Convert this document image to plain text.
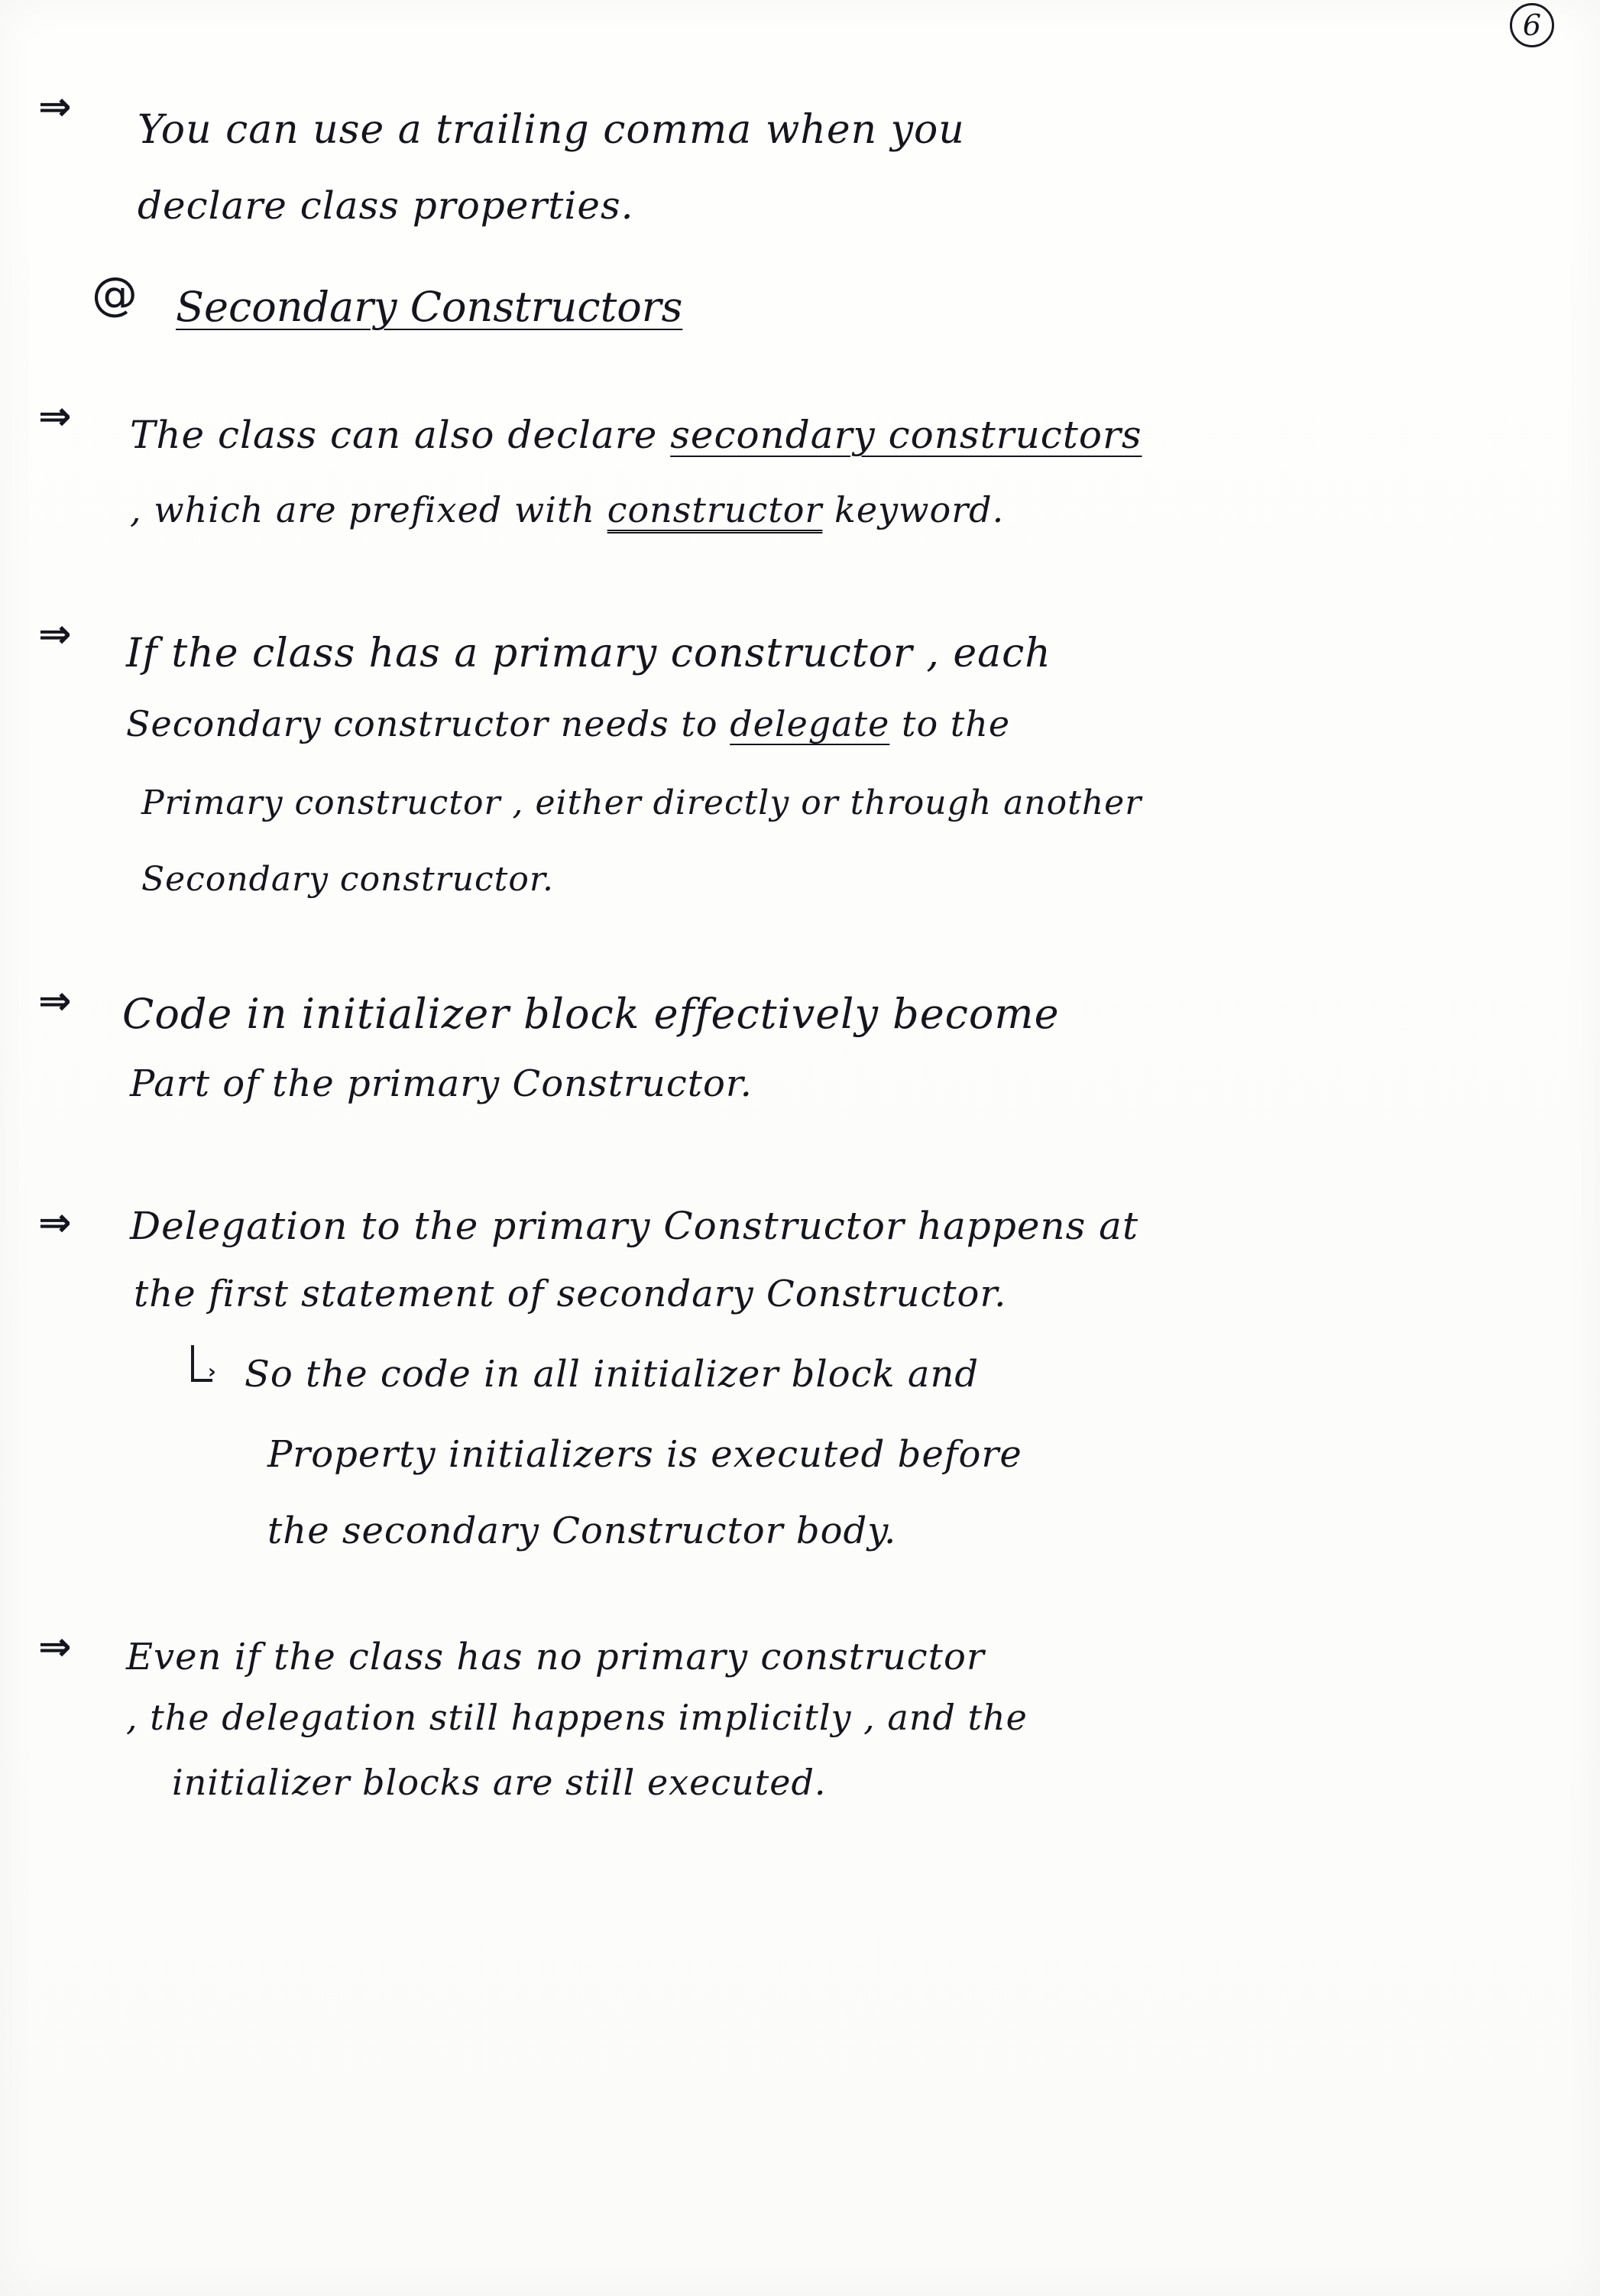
6
⇒ You can use a trailing comma when you
declare class properties.
@ Secondary Constructors
⇒ The class can also declare secondary constructors
, which are prefixed with constructor keyword.
⇒ If the class has a primary constructor , each
Secondary constructor needs to delegate to the
Primary constructor , either directly or through another
Secondary constructor.
⇒ Code in initializer block effectively become
Part of the primary Constructor.
⇒ Delegation to the primary Constructor happens at
the first statement of secondary Constructor.
› So the code in all initializer block and
Property initializers is executed before
the secondary Constructor body.
⇒ Even if the class has no primary constructor
, the delegation still happens implicitly , and the
initializer blocks are still executed.
